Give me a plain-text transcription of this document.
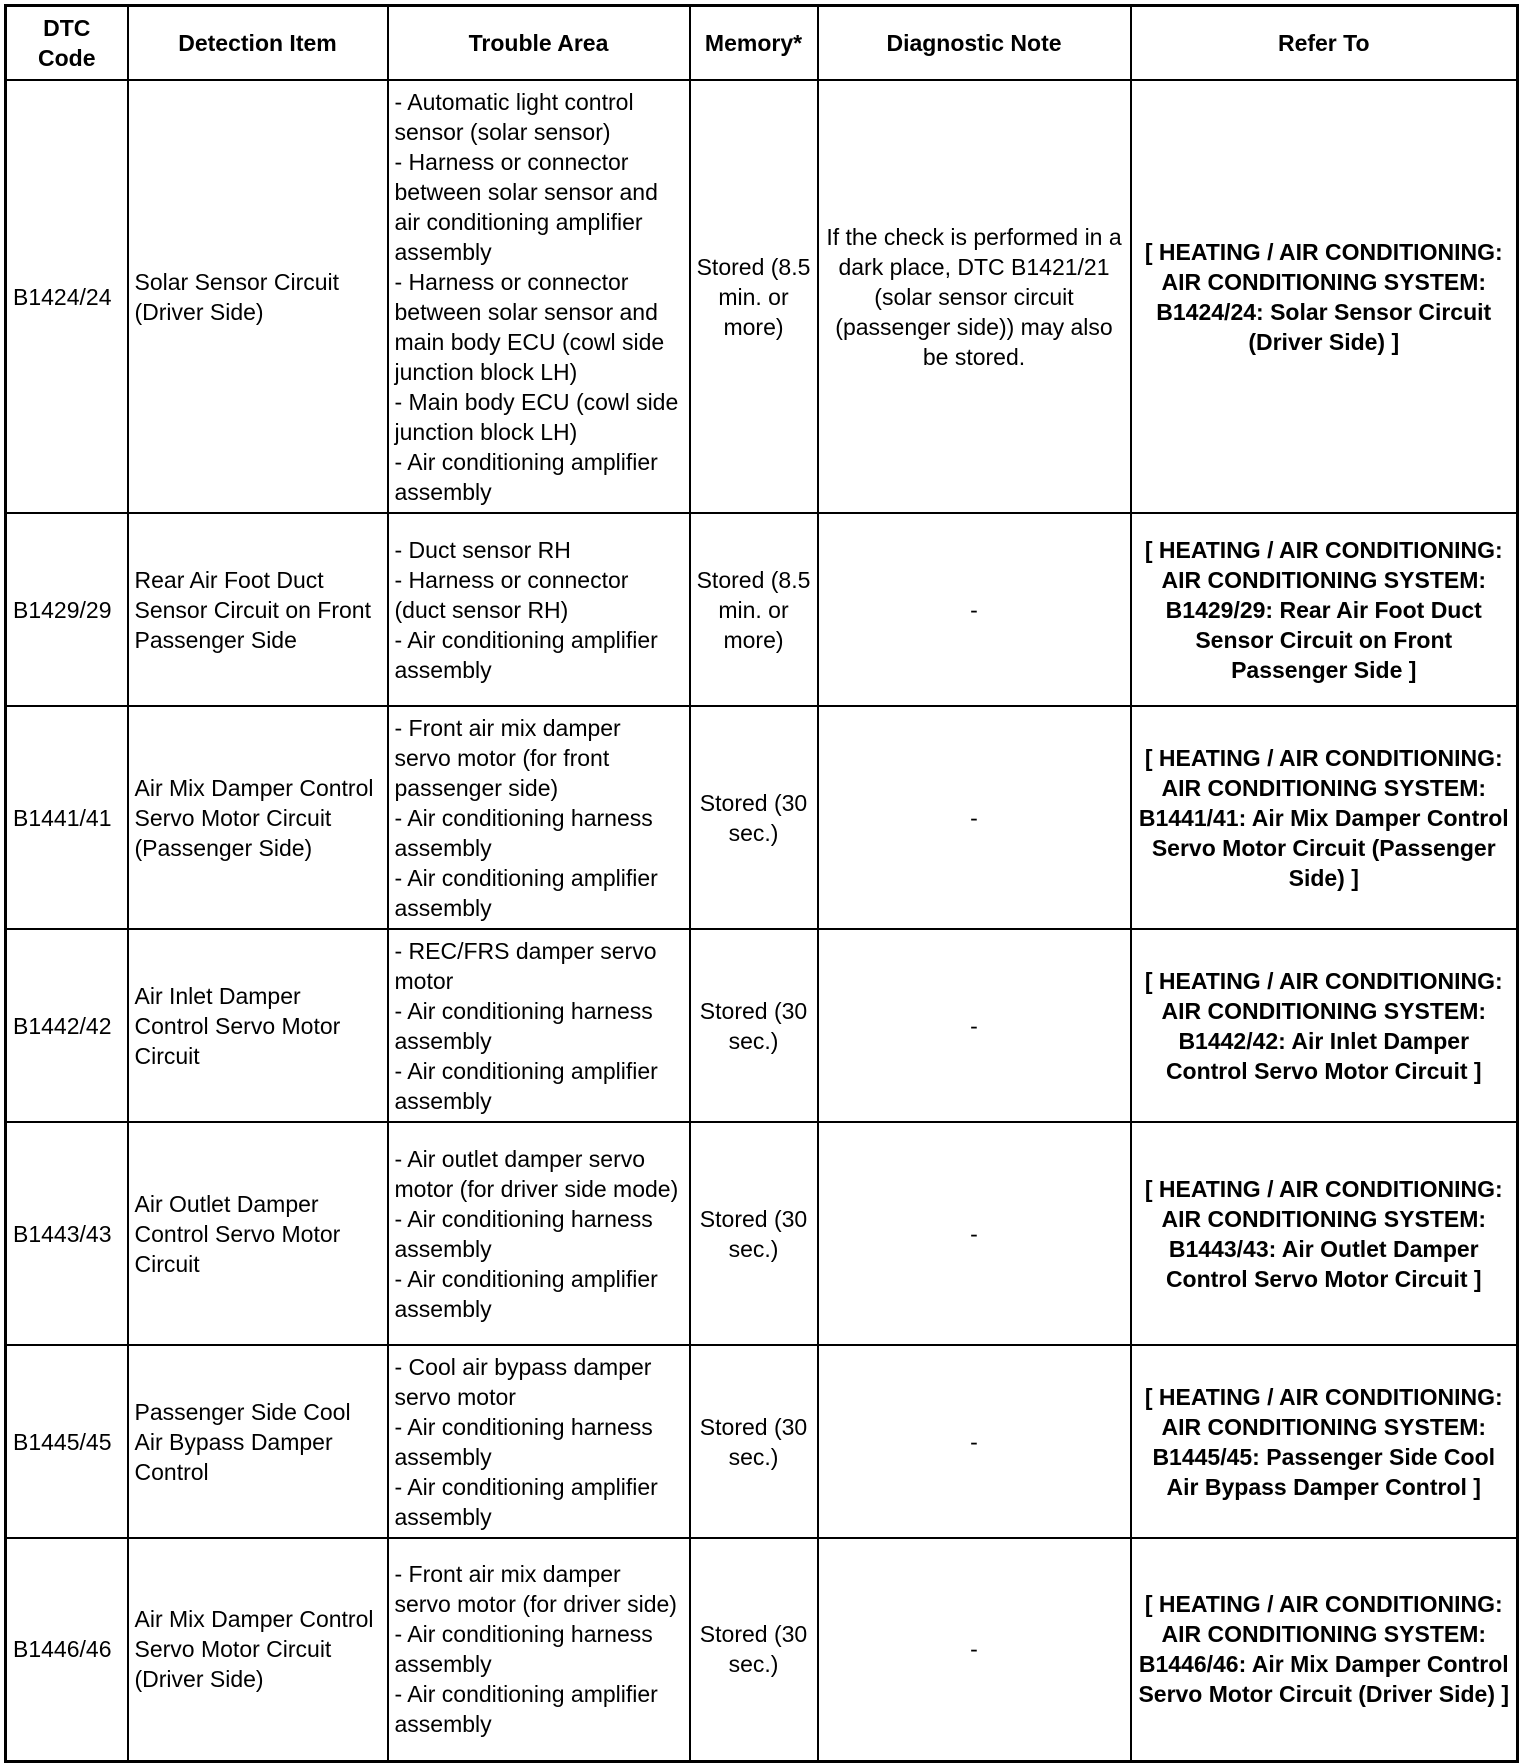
DTC Code	Detection Item	Trouble Area	Memory*	Diagnostic Note	Refer To
B1424/24	Solar Sensor Circuit (Driver Side)	- Automatic light control sensor (solar sensor)
- Harness or connector between solar sensor and air conditioning amplifier assembly
- Harness or connector between solar sensor and main body ECU (cowl side junction block LH)
- Main body ECU (cowl side junction block LH)
- Air conditioning amplifier assembly	Stored (8.5 min. or more)	If the check is performed in a dark place, DTC B1421/21 (solar sensor circuit (passenger side)) may also be stored.	[ HEATING / AIR CONDITIONING: AIR CONDITIONING SYSTEM: B1424/24: Solar Sensor Circuit (Driver Side) ]
B1429/29	Rear Air Foot Duct Sensor Circuit on Front Passenger Side	- Duct sensor RH
- Harness or connector (duct sensor RH)
- Air conditioning amplifier assembly	Stored (8.5 min. or more)	-	[ HEATING / AIR CONDITIONING: AIR CONDITIONING SYSTEM: B1429/29: Rear Air Foot Duct Sensor Circuit on Front Passenger Side ]
B1441/41	Air Mix Damper Control Servo Motor Circuit (Passenger Side)	- Front air mix damper servo motor (for front passenger side)
- Air conditioning harness assembly
- Air conditioning amplifier assembly	Stored (30 sec.)	-	[ HEATING / AIR CONDITIONING: AIR CONDITIONING SYSTEM: B1441/41: Air Mix Damper Control Servo Motor Circuit (Passenger Side) ]
B1442/42	Air Inlet Damper Control Servo Motor Circuit	- REC/FRS damper servo motor
- Air conditioning harness assembly
- Air conditioning amplifier assembly	Stored (30 sec.)	-	[ HEATING / AIR CONDITIONING: AIR CONDITIONING SYSTEM: B1442/42: Air Inlet Damper Control Servo Motor Circuit ]
B1443/43	Air Outlet Damper Control Servo Motor Circuit	- Air outlet damper servo motor (for driver side mode)
- Air conditioning harness assembly
- Air conditioning amplifier assembly	Stored (30 sec.)	-	[ HEATING / AIR CONDITIONING: AIR CONDITIONING SYSTEM: B1443/43: Air Outlet Damper Control Servo Motor Circuit ]
B1445/45	Passenger Side Cool Air Bypass Damper Control	- Cool air bypass damper servo motor
- Air conditioning harness assembly
- Air conditioning amplifier assembly	Stored (30 sec.)	-	[ HEATING / AIR CONDITIONING: AIR CONDITIONING SYSTEM: B1445/45: Passenger Side Cool Air Bypass Damper Control ]
B1446/46	Air Mix Damper Control Servo Motor Circuit (Driver Side)	- Front air mix damper servo motor (for driver side)
- Air conditioning harness assembly
- Air conditioning amplifier assembly	Stored (30 sec.)	-	[ HEATING / AIR CONDITIONING: AIR CONDITIONING SYSTEM: B1446/46: Air Mix Damper Control Servo Motor Circuit (Driver Side) ]
